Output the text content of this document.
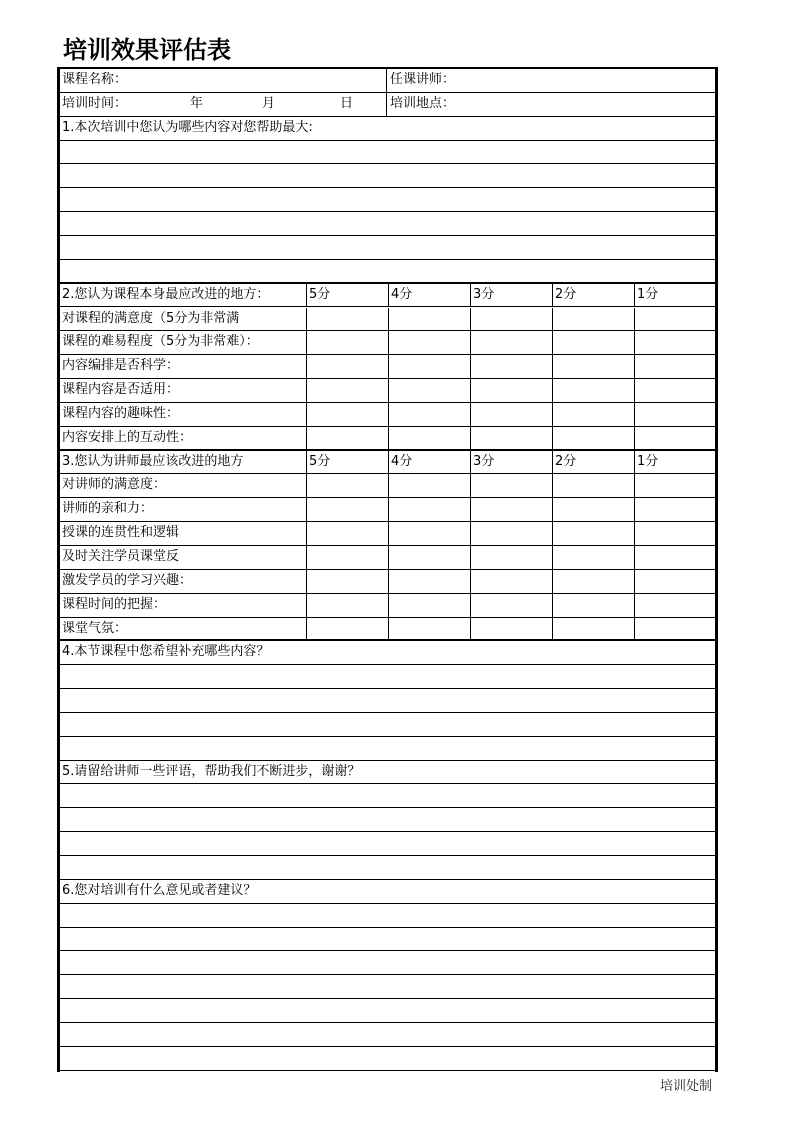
培训效果评估表
课程名称：	任课讲师：
培训时间：	年	月	日	培训地点：
1.本次培训中您认为哪些内容对您帮助最大:
2.您认为课程本身最应改进的地方：	5分	4分	3分	2分	1分
对课程的满意度（5分为非常满
课程的难易程度（5分为非常难）：
内容编排是否科学：
课程内容是否适用：
课程内容的趣味性：
内容安排上的互动性：
3.您认为讲师最应该改进的地方	5分	4分	3分	2分	1分
对讲师的满意度：
讲师的亲和力：
授课的连贯性和逻辑
及时关注学员课堂反
激发学员的学习兴趣：
课程时间的把握：
课堂气氛：
4.本节课程中您希望补充哪些内容？
5.请留给讲师一些评语，帮助我们不断进步，谢谢？
6.您对培训有什么意见或者建议？
培训处制
